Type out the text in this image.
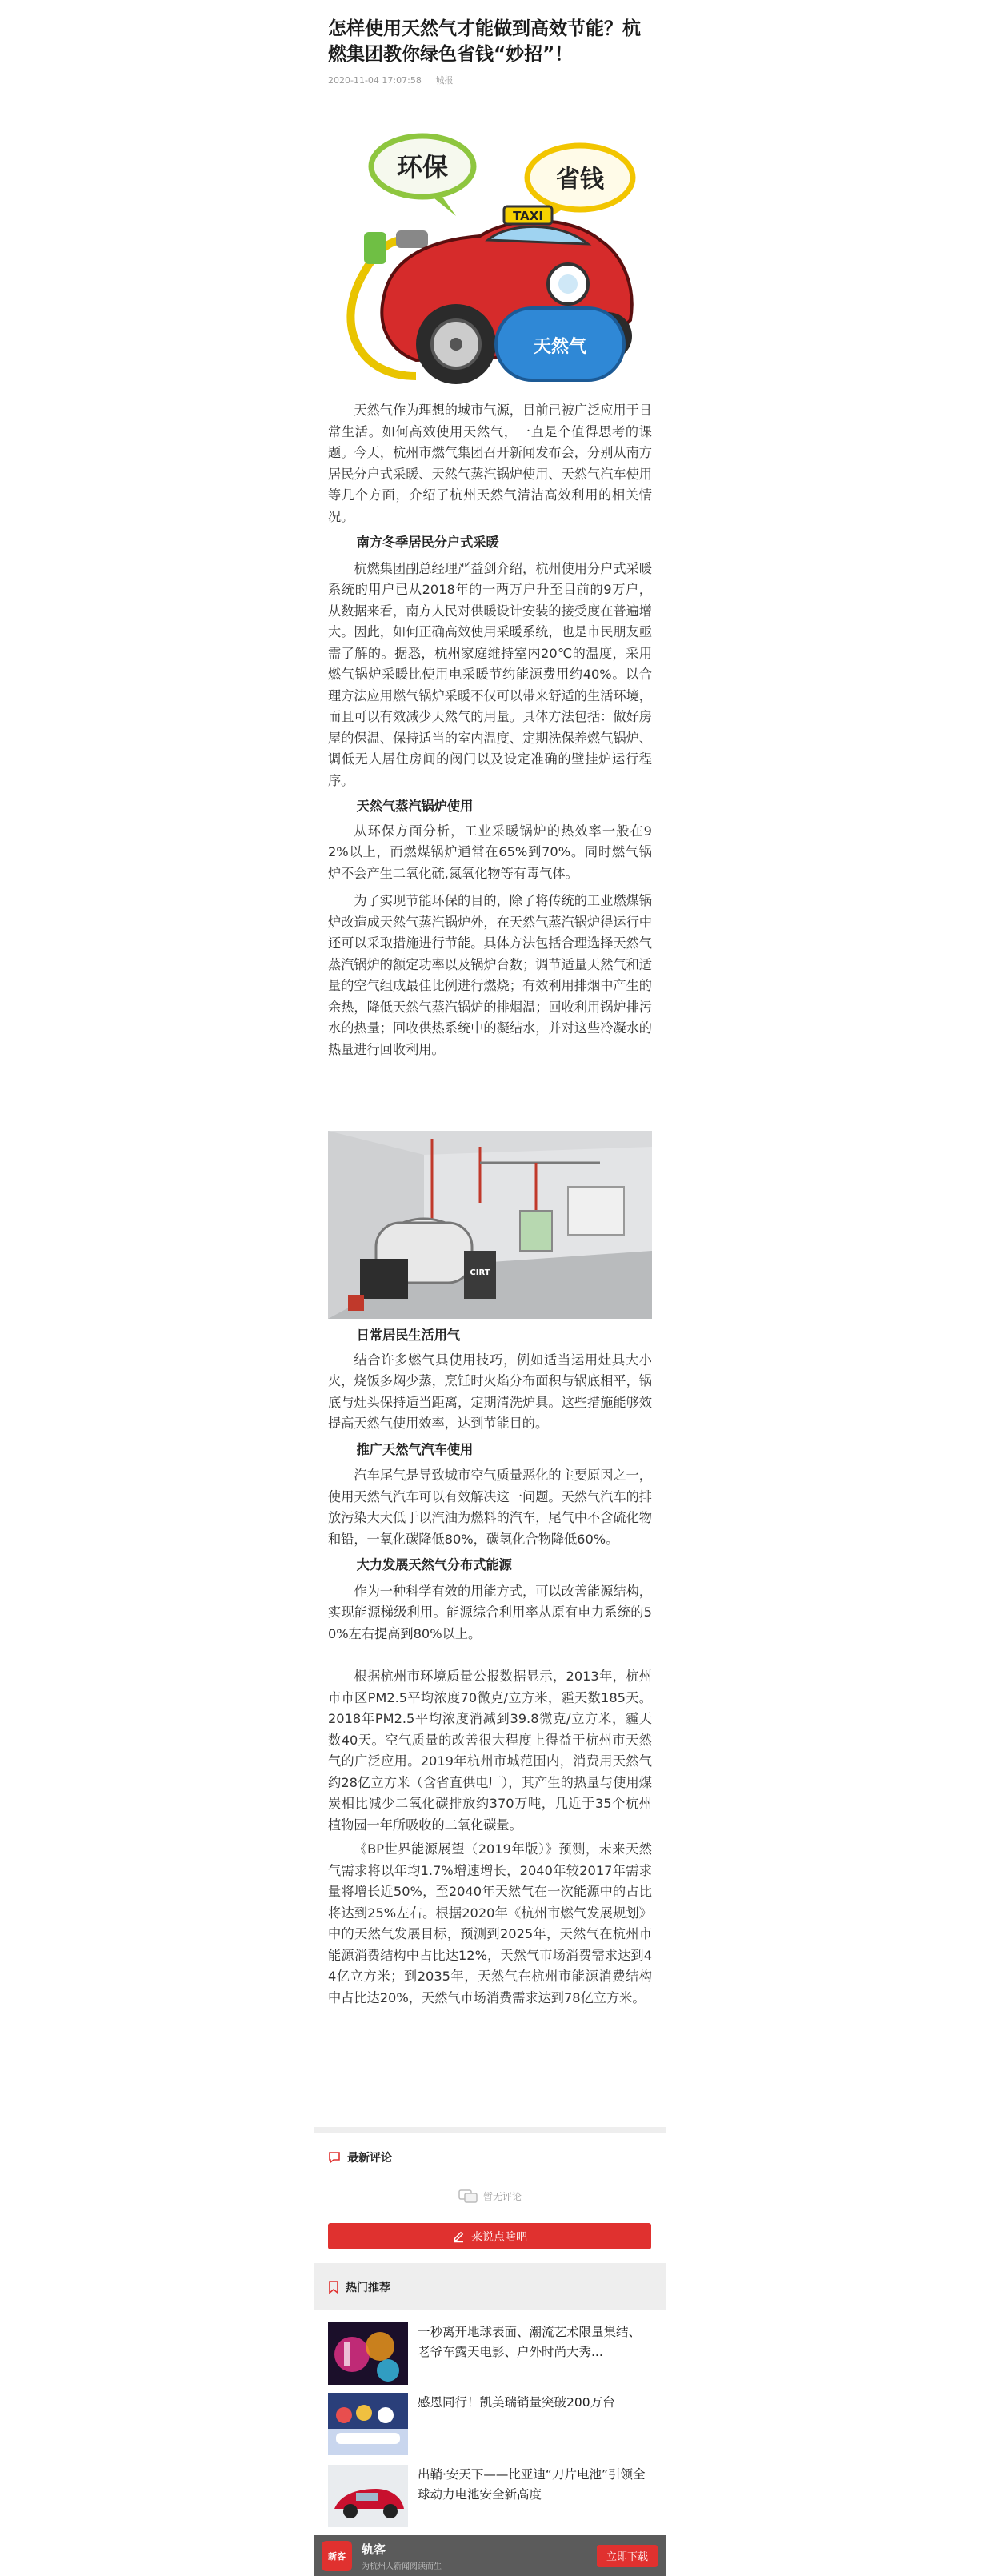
怎样使用天然气才能做到高效节能？杭燃集团教你绿色省钱“妙招”！
2020-11-04 17:07:58 城报
环保	省钱
TAXI
天然气

天然气作为理想的城市气源，目前已被广泛应用于日常生活。如何高效使用天然气，一直是个值得思考的课题。今天，杭州市燃气集团召开新闻发布会，分别从南方居民分户式采暖、天然气蒸汽锅炉使用、天然气汽车使用等几个方面，介绍了杭州天然气清洁高效利用的相关情况。

南方冬季居民分户式采暖

杭燃集团副总经理严益剑介绍，杭州使用分户式采暖系统的用户已从2018年的一两万户升至目前的9万户，从数据来看，南方人民对供暖设计安装的接受度在普遍增大。因此，如何正确高效使用采暖系统，也是市民朋友亟需了解的。据悉，杭州家庭维持室内20℃的温度，采用燃气锅炉采暖比使用电采暖节约能源费用约40%。以合理方法应用燃气锅炉采暖不仅可以带来舒适的生活环境，而且可以有效减少天然气的用量。具体方法包括：做好房屋的保温、保持适当的室内温度、定期洗保养燃气锅炉、调低无人居住房间的阀门以及设定准确的壁挂炉运行程序。

天然气蒸汽锅炉使用

从环保方面分析，工业采暖锅炉的热效率一般在92%以上，而燃煤锅炉通常在65%到70%。同时燃气锅炉不会产生二氧化硫,氮氧化物等有毒气体。

为了实现节能环保的目的，除了将传统的工业燃煤锅炉改造成天然气蒸汽锅炉外，在天然气蒸汽锅炉得运行中还可以采取措施进行节能。具体方法包括合理选择天然气蒸汽锅炉的额定功率以及锅炉台数；调节适量天然气和适量的空气组成最佳比例进行燃烧；有效利用排烟中产生的余热，降低天然气蒸汽锅炉的排烟温；回收利用锅炉排污水的热量；回收供热系统中的凝结水，并对这些冷凝水的热量进行回收利用。

CIRT

日常居民生活用气

结合许多燃气具使用技巧，例如适当运用灶具大小火，烧饭多焖少蒸，烹饪时火焰分布面积与锅底相平，锅底与灶头保持适当距离，定期清洗炉具。这些措施能够效提高天然气使用效率，达到节能目的。

推广天然气汽车使用

汽车尾气是导致城市空气质量恶化的主要原因之一，使用天然气汽车可以有效解决这一问题。天然气汽车的排放污染大大低于以汽油为燃料的汽车，尾气中不含硫化物和铅，一氧化碳降低80%，碳氢化合物降低60%。

大力发展天然气分布式能源

作为一种科学有效的用能方式，可以改善能源结构，实现能源梯级利用。能源综合利用率从原有电力系统的50%左右提高到80%以上。

根据杭州市环境质量公报数据显示，2013年，杭州市市区PM2.5平均浓度70微克/立方米，霾天数185天。2018年PM2.5平均浓度消减到39.8微克/立方米，霾天数40天。空气质量的改善很大程度上得益于杭州市天然气的广泛应用。2019年杭州市城范围内，消费用天然气约28亿立方米（含省直供电厂），其产生的热量与使用煤炭相比减少二氧化碳排放约370万吨，几近于35个杭州植物园一年所吸收的二氧化碳量。

《BP世界能源展望（2019年版）》预测，未来天然气需求将以年均1.7%增速增长，2040年较2017年需求量将增长近50%，至2040年天然气在一次能源中的占比将达到25%左右。根据2020年《杭州市燃气发展规划》中的天然气发展目标，预测到2025年，天然气在杭州市能源消费结构中占比达12%，天然气市场消费需求达到44亿立方米；到2035年，天然气在杭州市能源消费结构中占比达20%，天然气市场消费需求达到78亿立方米。

最新评论
暂无评论
来说点啥吧
热门推荐
一秒离开地球表面、潮流艺术限量集结、老爷车露天电影、户外时尚大秀...
感恩同行！凯美瑞销量突破200万台
出鞘·安天下——比亚迪“刀片电池”引领全球动力电池安全新高度
新客	轨客
为杭州人新闻阅读而生
立即下载
